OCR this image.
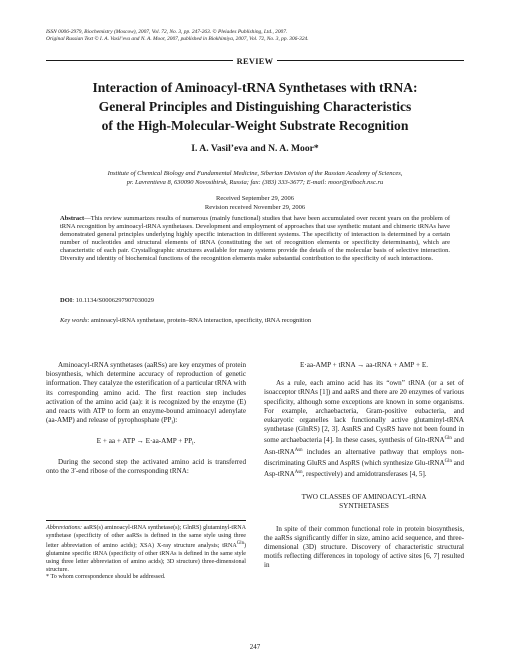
ISSN 0006-2979, Biochemistry (Moscow), 2007, Vol. 72, No. 3, pp. 247-263. © Pleiades Publishing, Ltd., 2007.
Original Russian Text © I. A. Vasil’eva and N. A. Moor, 2007, published in Biokhimiya, 2007, Vol. 72, No. 3, pp. 306-324.
REVIEW
Interaction of Aminoacyl-tRNA Synthetases with tRNA:
General Principles and Distinguishing Characteristics
of the High-Molecular-Weight Substrate Recognition
I. A. Vasil’eva and N. A. Moor*
Institute of Chemical Biology and Fundamental Medicine, Siberian Division of the Russian Academy of Sciences,
pr. Lavrentieva 8, 630090 Novosibirsk, Russia; fax: (383) 333-3677; E-mail: moor@niboch.nsc.ru
Received September 29, 2006
Revision received November 29, 2006
Abstract—This review summarizes results of numerous (mainly functional) studies that have been accumulated over recent years on the problem of tRNA recognition by aminoacyl-tRNA synthetases. Development and employment of approaches that use synthetic mutant and chimeric tRNAs have demonstrated general principles underlying highly specific interaction in different systems. The specificity of interaction is determined by a certain number of nucleotides and structural elements of tRNA (constituting the set of recognition elements or specificity determinants), which are characteristic of each pair. Crystallographic structures available for many systems provide the details of the molecular basis of selective interaction. Diversity and identity of biochemical functions of the recognition elements make substantial contribution to the specificity of such interactions.
DOI: 10.1134/S0006297907030029
Key words: aminoacyl-tRNA synthetase, protein–RNA interaction, specificity, tRNA recognition

Aminoacyl-tRNA synthetases (aaRSs) are key enzymes of protein biosynthesis, which determine accuracy of reproduction of genetic information. They catalyze the esterification of a particular tRNA with its corresponding amino acid. The first reaction step includes activation of the amino acid (aa): it is recognized by the enzyme (E) and reacts with ATP to form an enzyme-bound aminoacyl adenylate (aa-AMP) and release of pyrophosphate $(PP_i)$:

E + aa + ATP → $E\cdot aa-AMP + PP_i$.

During the second step the activated amino acid is transferred onto the 3′-end ribose of the corresponding tRNA:

Abbreviations: aaRS(s) aminoacyl-tRNA synthetase(s); GlnRS) glutaminyl-tRNA synthetase (specificity of other aaRSs is defined in the same style using three letter abbreviation of amino acids); XSA) X-ray structure analysis; tRNA$^{Gln}$) glutamine specific tRNA (specificity of other tRNAs is defined in the same style using three letter abbreviation of amino acids); 3D structure) three-dimensional structure.

* To whom correspondence should be addressed.

E·aa-AMP + tRNA → aa-tRNA + AMP + E.

As a rule, each amino acid has its “own” tRNA (or a set of isoacceptor tRNAs [1]) and aaRS and there are 20 enzymes of various specificity, although some exceptions are known in some organisms. For example, archaebacteria, Gram-positive eubacteria, and eukaryotic organelles lack functionally active glutaminyl-tRNA synthetase (GlnRS) [2, 3]. AsnRS and CysRS have not been found in some archaebacteria [4]. In these cases, synthesis of Gln-tRNA$^{Gln}$ and Asn-tRNA$^{Asn}$ includes an alternative pathway that employs non-discriminating GluRS and AspRS (which synthesize Glu-tRNA$^{Gln}$ and Asp-tRNA$^{Asn}$, respectively) and amidotransferases [4, 5].

TWO CLASSES OF AMINOACYL-tRNA
SYNTHETASES

In spite of their common functional role in protein biosynthesis, the aaRSs significantly differ in size, amino acid sequence, and three-dimensional (3D) structure. Discovery of characteristic structural motifs reflecting differences in topology of active sites [6, 7] resulted in

247
